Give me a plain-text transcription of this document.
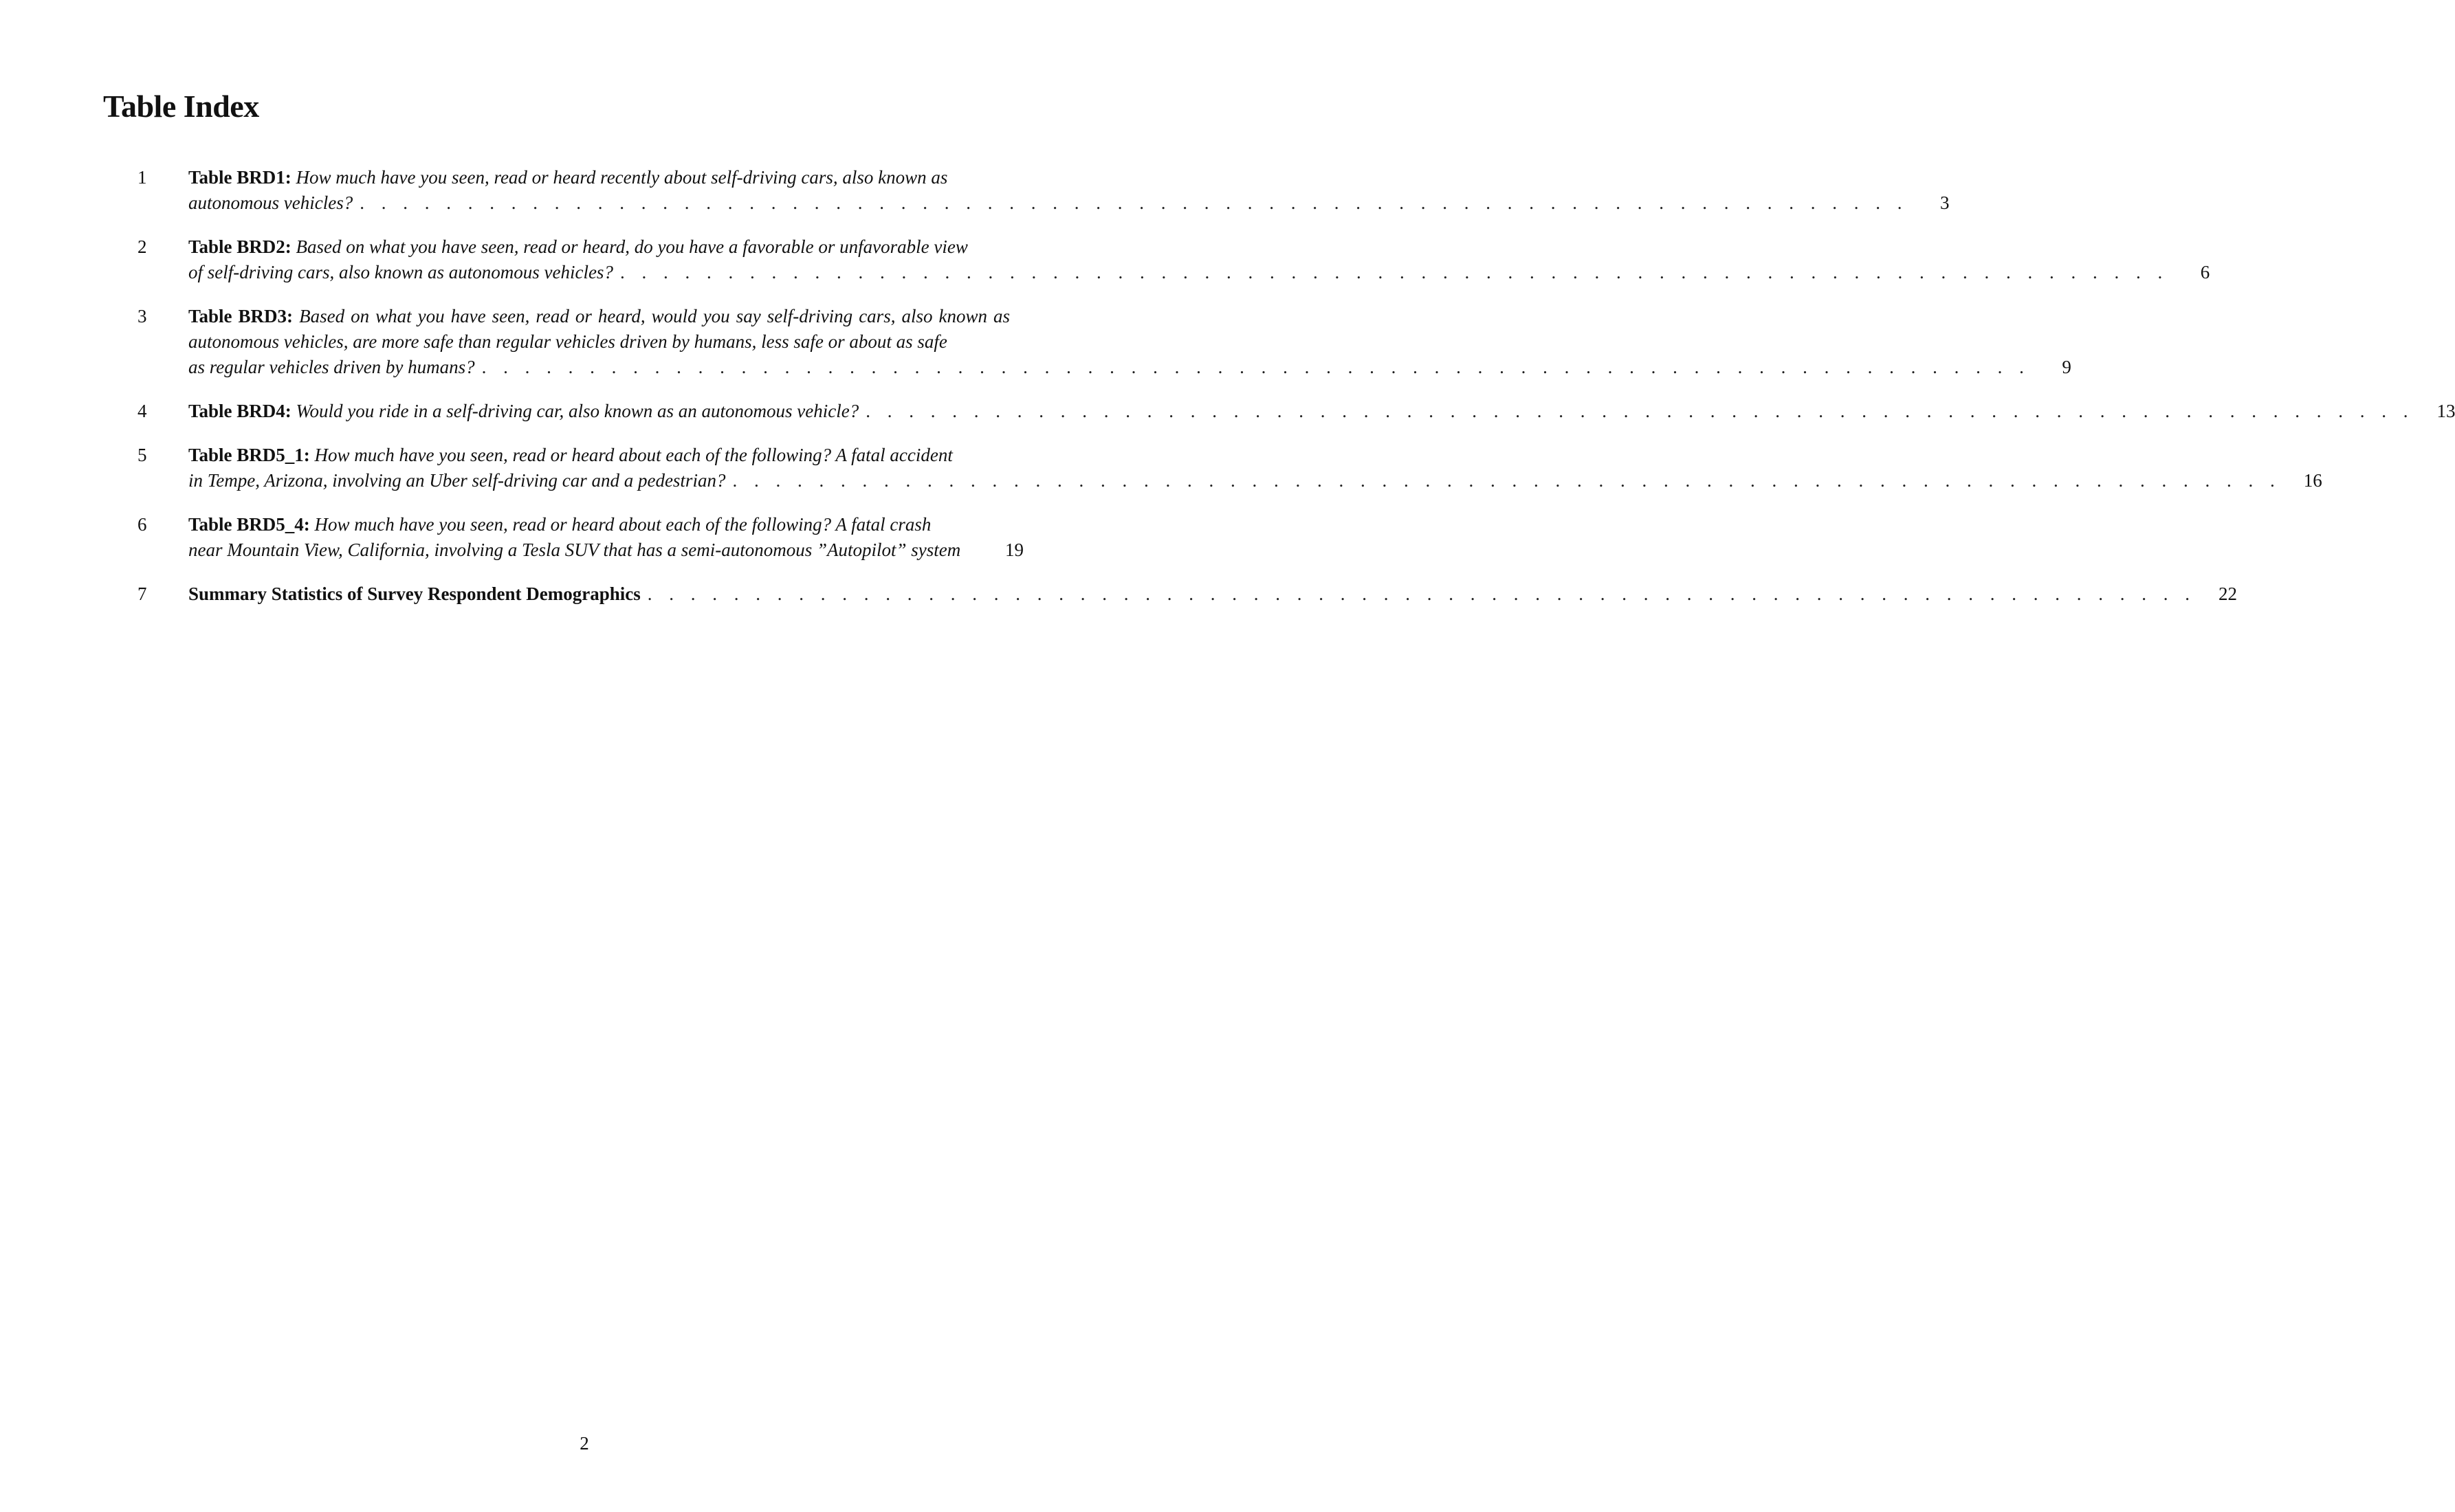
Table Index
1 Table BRD1: How much have you seen, read or heard recently about self-driving cars, also known as
autonomous vehicles? . . . . . . . . . . . . . . . . . . . . . . . . . . . . . . . . . . . . . . . . . . . . . . . . . . . . . . . . . . . . . . . . . . . . . . . .	3
2 Table BRD2: Based on what you have seen, read or heard, do you have a favorable or unfavorable view
of self-driving cars, also known as autonomous vehicles? . . . . . . . . . . . . . . . . . . . . . . . . . . . . . . . . . . . . . . . . . . . . . . . . . . . . . . . . . . . . . . . . . . . . . . . .	6
3 Table BRD3: Based on what you have seen, read or heard, would you say self-driving cars, also known as autonomous vehicles, are more safe than regular vehicles driven by humans, less safe or about as safe
as regular vehicles driven by humans? . . . . . . . . . . . . . . . . . . . . . . . . . . . . . . . . . . . . . . . . . . . . . . . . . . . . . . . . . . . . . . . . . . . . . . . .	9
4 Table BRD4: Would you ride in a self-driving car, also known as an autonomous vehicle? . . . . . . . . . . . . . . . . . . . . . . . . . . . . . . . . . . . . . . . . . . . . . . . . . . . . . . . . . . . . . . . . . . . . . . . .	13
5 Table BRD5_1: How much have you seen, read or heard about each of the following? A fatal accident
in Tempe, Arizona, involving an Uber self-driving car and a pedestrian? . . . . . . . . . . . . . . . . . . . . . . . . . . . . . . . . . . . . . . . . . . . . . . . . . . . . . . . . . . . . . . . . . . . . . . . .	16
6 Table BRD5_4: How much have you seen, read or heard about each of the following? A fatal crash
near Mountain View, California, involving a Tesla SUV that has a semi-autonomous ”Autopilot” system	19
7 Summary Statistics of Survey Respondent Demographics . . . . . . . . . . . . . . . . . . . . . . . . . . . . . . . . . . . . . . . . . . . . . . . . . . . . . . . . . . . . . . . . . . . . . . . .	22
2
